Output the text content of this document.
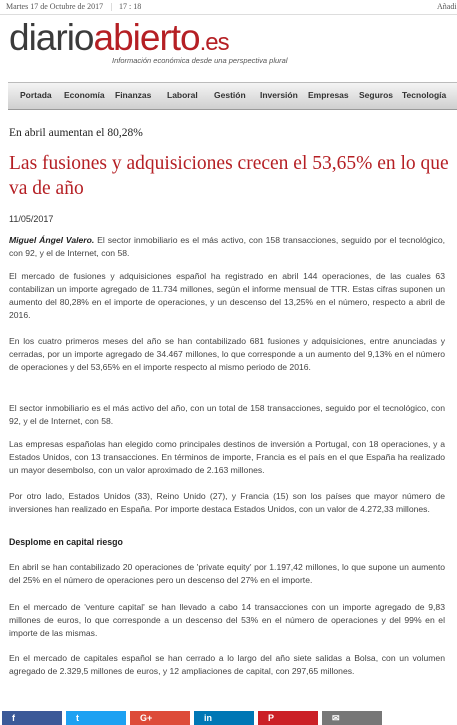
Martes 17 de Octubre de 2017 | 17 : 18	Añadi
diarioabierto.es
Información económica desde una perspectiva plural
Portada Economía Finanzas Laboral Gestión Inversión Empresas Seguros Tecnología
En abril aumentan el 80,28%
Las fusiones y adquisiciones crecen el 53,65% en lo que va de año
11/05/2017

Miguel Ángel Valero. El sector inmobiliario es el más activo, con 158 transacciones, seguido por el tecnológico, con 92, y el de Internet, con 58.

El mercado de fusiones y adquisiciones español ha registrado en abril 144 operaciones, de las cuales 63 contabilizan un importe agregado de 11.734 millones, según el informe mensual de TTR. Estas cifras suponen un aumento del 80,28% en el importe de operaciones, y un descenso del 13,25% en el número, respecto a abril de 2016.

En los cuatro primeros meses del año se han contabilizado 681 fusiones y adquisiciones, entre anunciadas y cerradas, por un importe agregado de 34.467 millones, lo que corresponde a un aumento del 9,13% en el número de operaciones y del 53,65% en el importe respecto al mismo periodo de 2016.

El sector inmobiliario es el más activo del año, con un total de 158 transacciones, seguido por el tecnológico, con 92, y el de Internet, con 58.

Las empresas españolas han elegido como principales destinos de inversión a Portugal, con 18 operaciones, y a Estados Unidos, con 13 transacciones. En términos de importe, Francia es el país en el que España ha realizado un mayor desembolso, con un valor aproximado de 2.163 millones.

Por otro lado, Estados Unidos (33), Reino Unido (27), y Francia (15) son los países que mayor número de inversiones han realizado en España. Por importe destaca Estados Unidos, con un valor de 4.272,33 millones.

Desplome en capital riesgo

En abril se han contabilizado 20 operaciones de 'private equity' por 1.197,42 millones, lo que supone un aumento del 25% en el número de operaciones pero un descenso del 27% en el importe.

En el mercado de 'venture capital' se han llevado a cabo 14 transacciones con un importe agregado de 9,83 millones de euros, lo que corresponde a un descenso del 53% en el número de operaciones y del 99% en el importe de las mismas.

En el mercado de capitales español se han cerrado a lo largo del año siete salidas a Bolsa, con un volumen agregado de 2.329,5 millones de euros, y 12 ampliaciones de capital, con 297,65 millones.

f	t	G+	in	P	✉
